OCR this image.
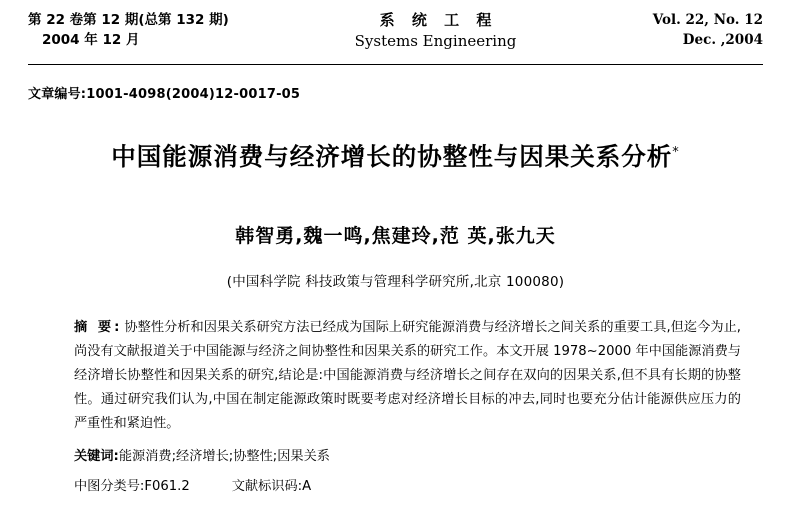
第 22 卷第 12 期(总第 132 期)
2004 年 12 月
系 统 工 程
Systems Engineering
Vol. 22, No. 12
Dec. ,2004
文章编号:1001-4098(2004)12-0017-05
中国能源消费与经济增长的协整性与因果关系分析*
韩智勇,魏一鸣,焦建玲,范 英,张九天
(中国科学院 科技政策与管理科学研究所,北京 100080)
摘 要: 协整性分析和因果关系研究方法已经成为国际上研究能源消费与经济增长之间关系的重要工具,但迄今为止,尚没有文献报道关于中国能源与经济之间协整性和因果关系的研究工作。本文开展 1978~2000 年中国能源消费与经济增长协整性和因果关系的研究,结论是:中国能源消费与经济增长之间存在双向的因果关系,但不具有长期的协整性。通过研究我们认为,中国在制定能源政策时既要考虑对经济增长目标的冲去,同时也要充分估计能源供应压力的严重性和紧迫性。
关键词:能源消费;经济增长;协整性;因果关系
中图分类号:F061.2	文献标识码:A
